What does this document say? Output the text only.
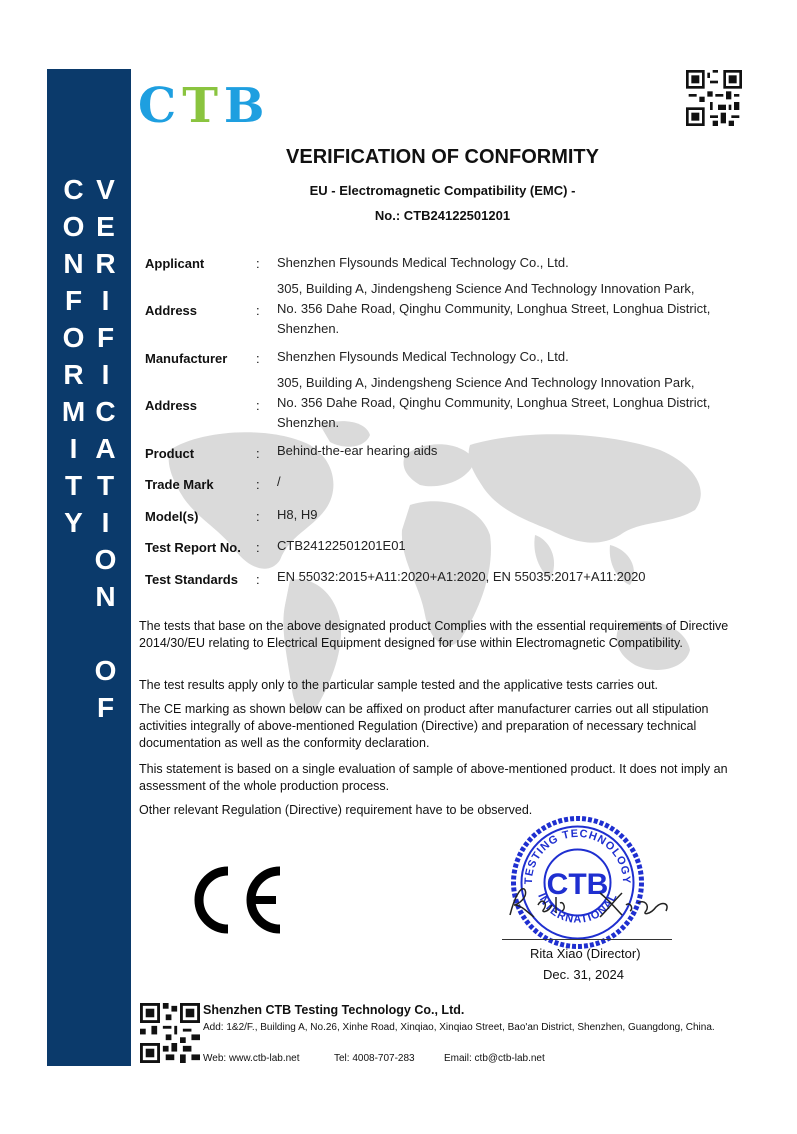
VERIFICATION OF CONFORMITY
CTB
VERIFICATION OF CONFORMITY
EU - Electromagnetic Compatibility (EMC) -
No.: CTB24122501201
Applicant	: Shenzhen Flysounds Medical Technology Co., Ltd.
Address	:
305, Building A, Jindengsheng Science And Technology Innovation Park,
No. 356 Dahe Road, Qinghu Community, Longhua Street, Longhua District,
Shenzhen.
Manufacturer : Shenzhen Flysounds Medical Technology Co., Ltd.
Address	:
305, Building A, Jindengsheng Science And Technology Innovation Park,
No. 356 Dahe Road, Qinghu Community, Longhua Street, Longhua District,
Shenzhen.
Product	: Behind-the-ear hearing aids
Trade Mark	: /
Model(s)	: H8, H9
Test Report No. : CTB24122501201E01
Test Standards : EN 55032:2015+A11:2020+A1:2020, EN 55035:2017+A11:2020
The tests that base on the above designated product Complies with the essential requirements of Directive 2014/30/EU relating to Electrical Equipment designed for use within Electromagnetic Compatibility.
The test results apply only to the particular sample tested and the applicative tests carries out.
The CE marking as shown below can be affixed on product after manufacturer carries out all stipulation activities integrally of above-mentioned Regulation (Directive) and preparation of necessary technical documentation as well as the conformity declaration.
This statement is based on a single evaluation of sample of above-mentioned product. It does not imply an assessment of the whole production process.
Other relevant Regulation (Directive) requirement have to be observed.
TESTING TECHNOLOGY
INTERNATIONAL
CTB
Rita Xiao (Director)
Dec. 31, 2024
Shenzhen CTB Testing Technology Co., Ltd.
Add: 1&2/F., Building A, No.26, Xinhe Road, Xinqiao, Xinqiao Street, Bao'an District, Shenzhen, Guangdong, China.
Web: www.ctb-lab.net	Tel: 4008-707-283	Email: ctb@ctb-lab.net
